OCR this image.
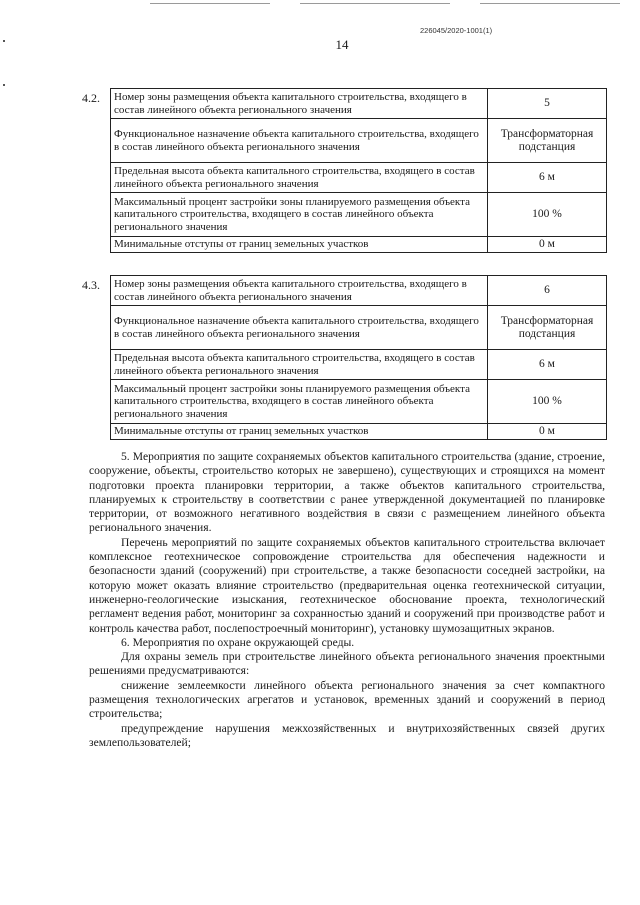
226045/2020-1001(1)
14
4.2. Номер зоны размещения объекта капитального строительства, входящего в состав линейного объекта регионального значения	5
Функциональное назначение объекта капитального строительства, входящего в состав линейного объекта регионального значения	Трансформаторная подстанция
Предельная высота объекта капитального строительства, входящего в состав линейного объекта регионального значения	6 м
Максимальный процент застройки зоны планируемого размещения объекта капитального строительства, входящего в состав линейного объекта регионального значения	100 %
Минимальные отступы от границ земельных участков	0 м
4.3. Номер зоны размещения объекта капитального строительства, входящего в состав линейного объекта регионального значения	6
Функциональное назначение объекта капитального строительства, входящего в состав линейного объекта регионального значения	Трансформаторная подстанция
Предельная высота объекта капитального строительства, входящего в состав линейного объекта регионального значения	6 м
Максимальный процент застройки зоны планируемого размещения объекта капитального строительства, входящего в состав линейного объекта регионального значения	100 %
Минимальные отступы от границ земельных участков	0 м

5. Мероприятия по защите сохраняемых объектов капитального строительства (здание, строение, сооружение, объекты, строительство которых не завершено), существующих и строящихся на момент подготовки проекта планировки территории, а также объектов капитального строительства, планируемых к строительству в соответствии с ранее утвержденной документацией по планировке территории, от возможного негативного воздействия в связи с размещением линейного объекта регионального значения.

Перечень мероприятий по защите сохраняемых объектов капитального строительства включает комплексное геотехническое сопровождение строительства для обеспечения надежности и безопасности зданий (сооружений) при строительстве, а также безопасности соседней застройки, на которую может оказать влияние строительство (предварительная оценка геотехнической ситуации, инженерно-геологические изыскания, геотехническое обоснование проекта, технологический регламент ведения работ, мониторинг за сохранностью зданий и сооружений при производстве работ и контроль качества работ, послепостроечный мониторинг), установку шумозащитных экранов.

6. Мероприятия по охране окружающей среды.

Для охраны земель при строительстве линейного объекта регионального значения проектными решениями предусматриваются:

снижение землеемкости линейного объекта регионального значения за счет компактного размещения технологических агрегатов и установок, временных зданий и сооружений в период строительства;

предупреждение нарушения межхозяйственных и внутрихозяйственных связей других землепользователей;
